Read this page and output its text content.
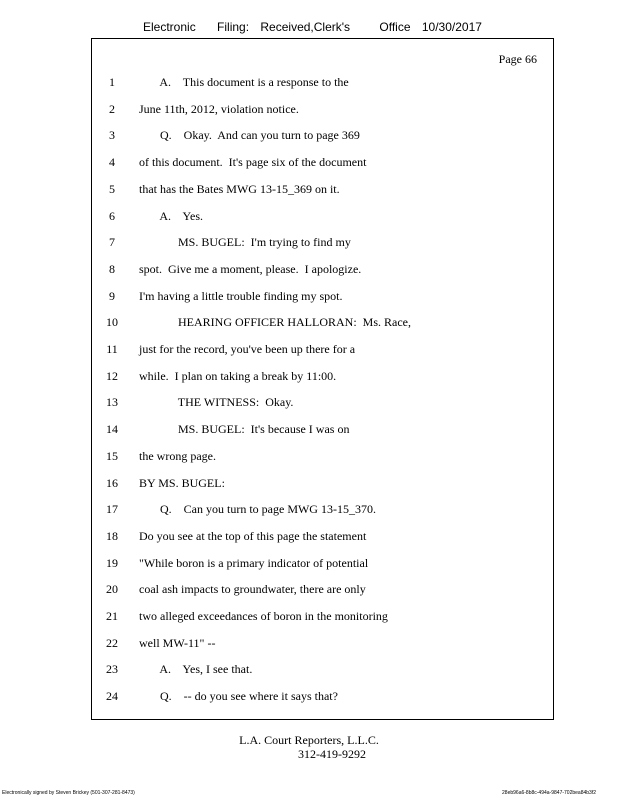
Electronic Filing: Received,Clerk's Office 10/30/2017
Page 66
1	A.    This document is a response to the
2	June 11th, 2012, violation notice.
3	Q.    Okay.  And can you turn to page 369
4	of this document.  It's page six of the document
5	that has the Bates MWG 13-15_369 on it.
6	A.    Yes.
7	MS. BUGEL:  I'm trying to find my
8	spot.  Give me a moment, please.  I apologize.
9	I'm having a little trouble finding my spot.
10	HEARING OFFICER HALLORAN:  Ms. Race,
11	just for the record, you've been up there for a
12	while.  I plan on taking a break by 11:00.
13	THE WITNESS:  Okay.
14	MS. BUGEL:  It's because I was on
15	the wrong page.
16	BY MS. BUGEL:
17	Q.    Can you turn to page MWG 13-15_370.
18	Do you see at the top of this page the statement
19	"While boron is a primary indicator of potential
20	coal ash impacts to groundwater, there are only
21	two alleged exceedances of boron in the monitoring
22	well MW-11" --
23	A.    Yes, I see that.
24	Q.    -- do you see where it says that?
L.A. Court Reporters, L.L.C.
312-419-9292
Electronically signed by Steven Brickey (501-307-281-8473)	28eb96a6-8b8c-494a-9847-702bea84b3f2
